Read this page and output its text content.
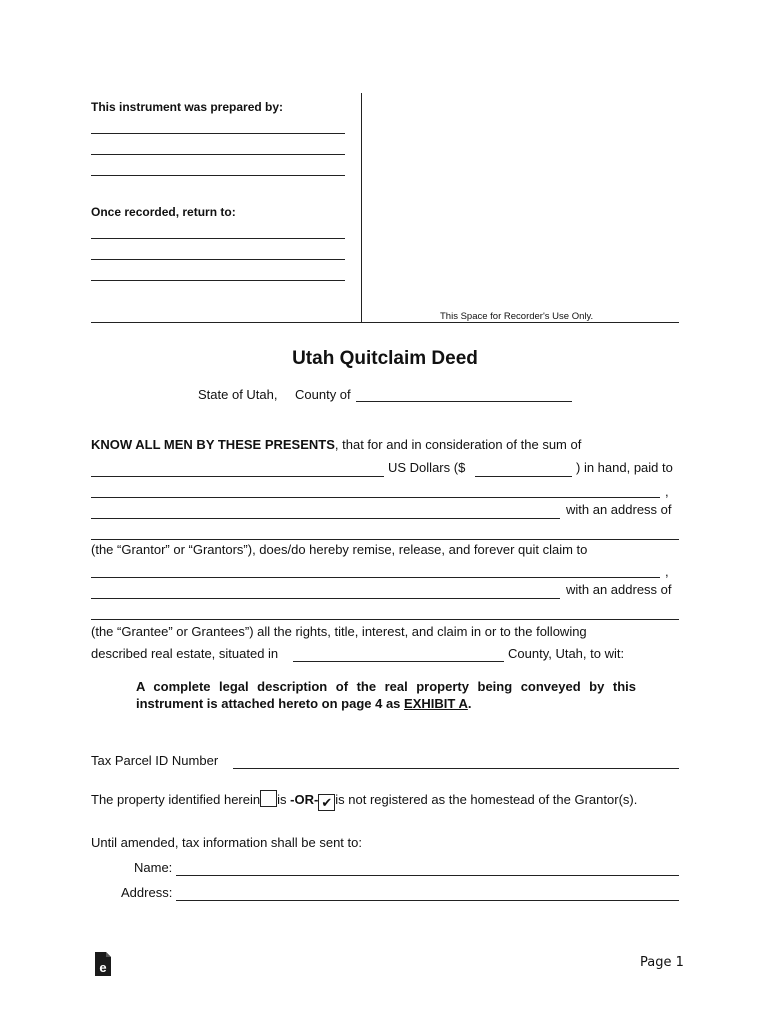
This instrument was prepared by:
Once recorded, return to:
This Space for Recorder's Use Only.
Utah Quitclaim Deed
State of Utah, County of
KNOW ALL MEN BY THESE PRESENTS, that for and in consideration of the sum of
US Dollars ($	) in hand, paid to
,
with an address of
(the “Grantor” or “Grantors”), does/do hereby remise, release, and forever quit claim to
,
with an address of
(the “Grantee” or Grantees”) all the rights, title, interest, and claim in or to the following
described real estate, situated in	County, Utah, to wit:
A complete legal description of the real property being conveyed by this
instrument is attached hereto on page 4 as EXHIBIT A.
Tax Parcel ID Number
The property identified herein is -OR- ✔ is not registered as the homestead of the Grantor(s).
Until amended, tax information shall be sent to:
Name:
Address:
e	Page 1
